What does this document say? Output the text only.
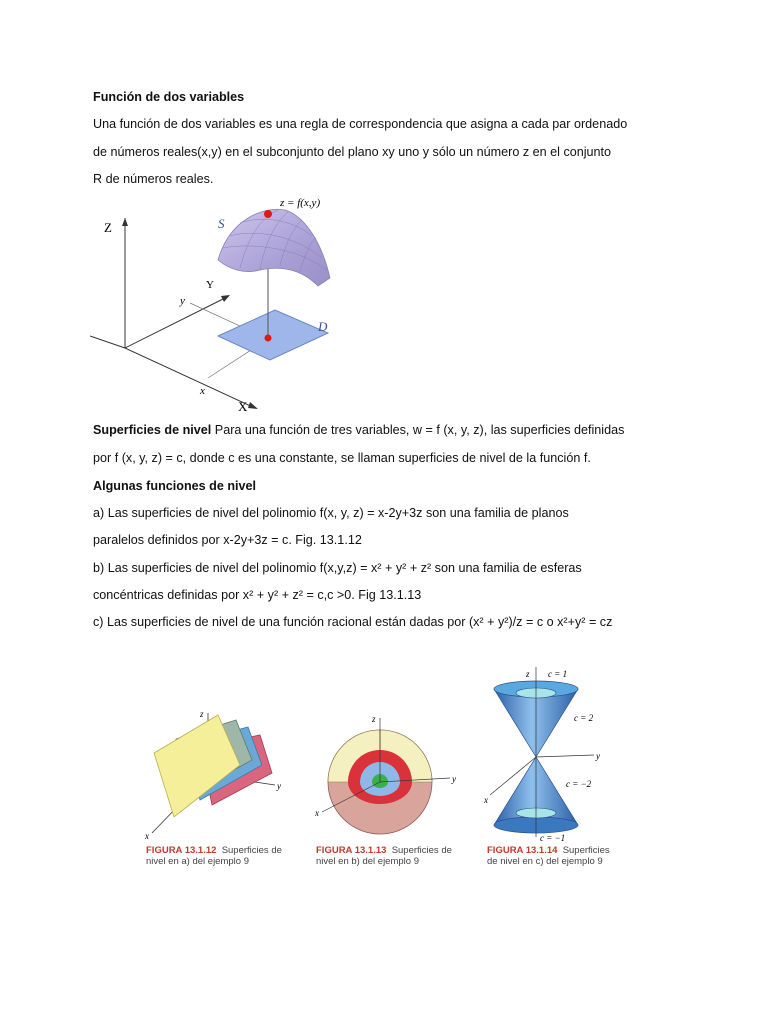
Función de dos variables
Una función de dos variables es una regla de correspondencia que asigna a cada par ordenado
de números reales(x,y) en el subconjunto del plano xy uno y sólo un número z en el conjunto
R de números reales.
Z
Y
X
y
x
S
D
z = f(x,y)
Superficies de nivel Para una función de tres variables, w = f (x, y, z), las superficies definidas
por f (x, y, z) = c, donde c es una constante, se llaman superficies de nivel de la función f.
Algunas funciones de nivel
a) Las superficies de nivel del polinomio f(x, y, z) = x-2y+3z son una familia de planos
paralelos definidos por x-2y+3z = c. Fig. 13.1.12
b) Las superficies de nivel del polinomio f(x,y,z) = x² + y² + z² son una familia de esferas
concéntricas definidas por x² + y² + z² = c,c >0. Fig 13.1.13
c) Las superficies de nivel de una función racional están dadas por (x² + y²)/z = c o x²+y² = cz
z
y
x
FIGURA 13.1.12 Superficies de
nivel en a) del ejemplo 9
z
y
x
FIGURA 13.1.13 Superficies de
nivel en b) del ejemplo 9
z
y
x
c = 1
c = 2
c = −2
c = −1
FIGURA 13.1.14 Superficies
de nivel en c) del ejemplo 9
